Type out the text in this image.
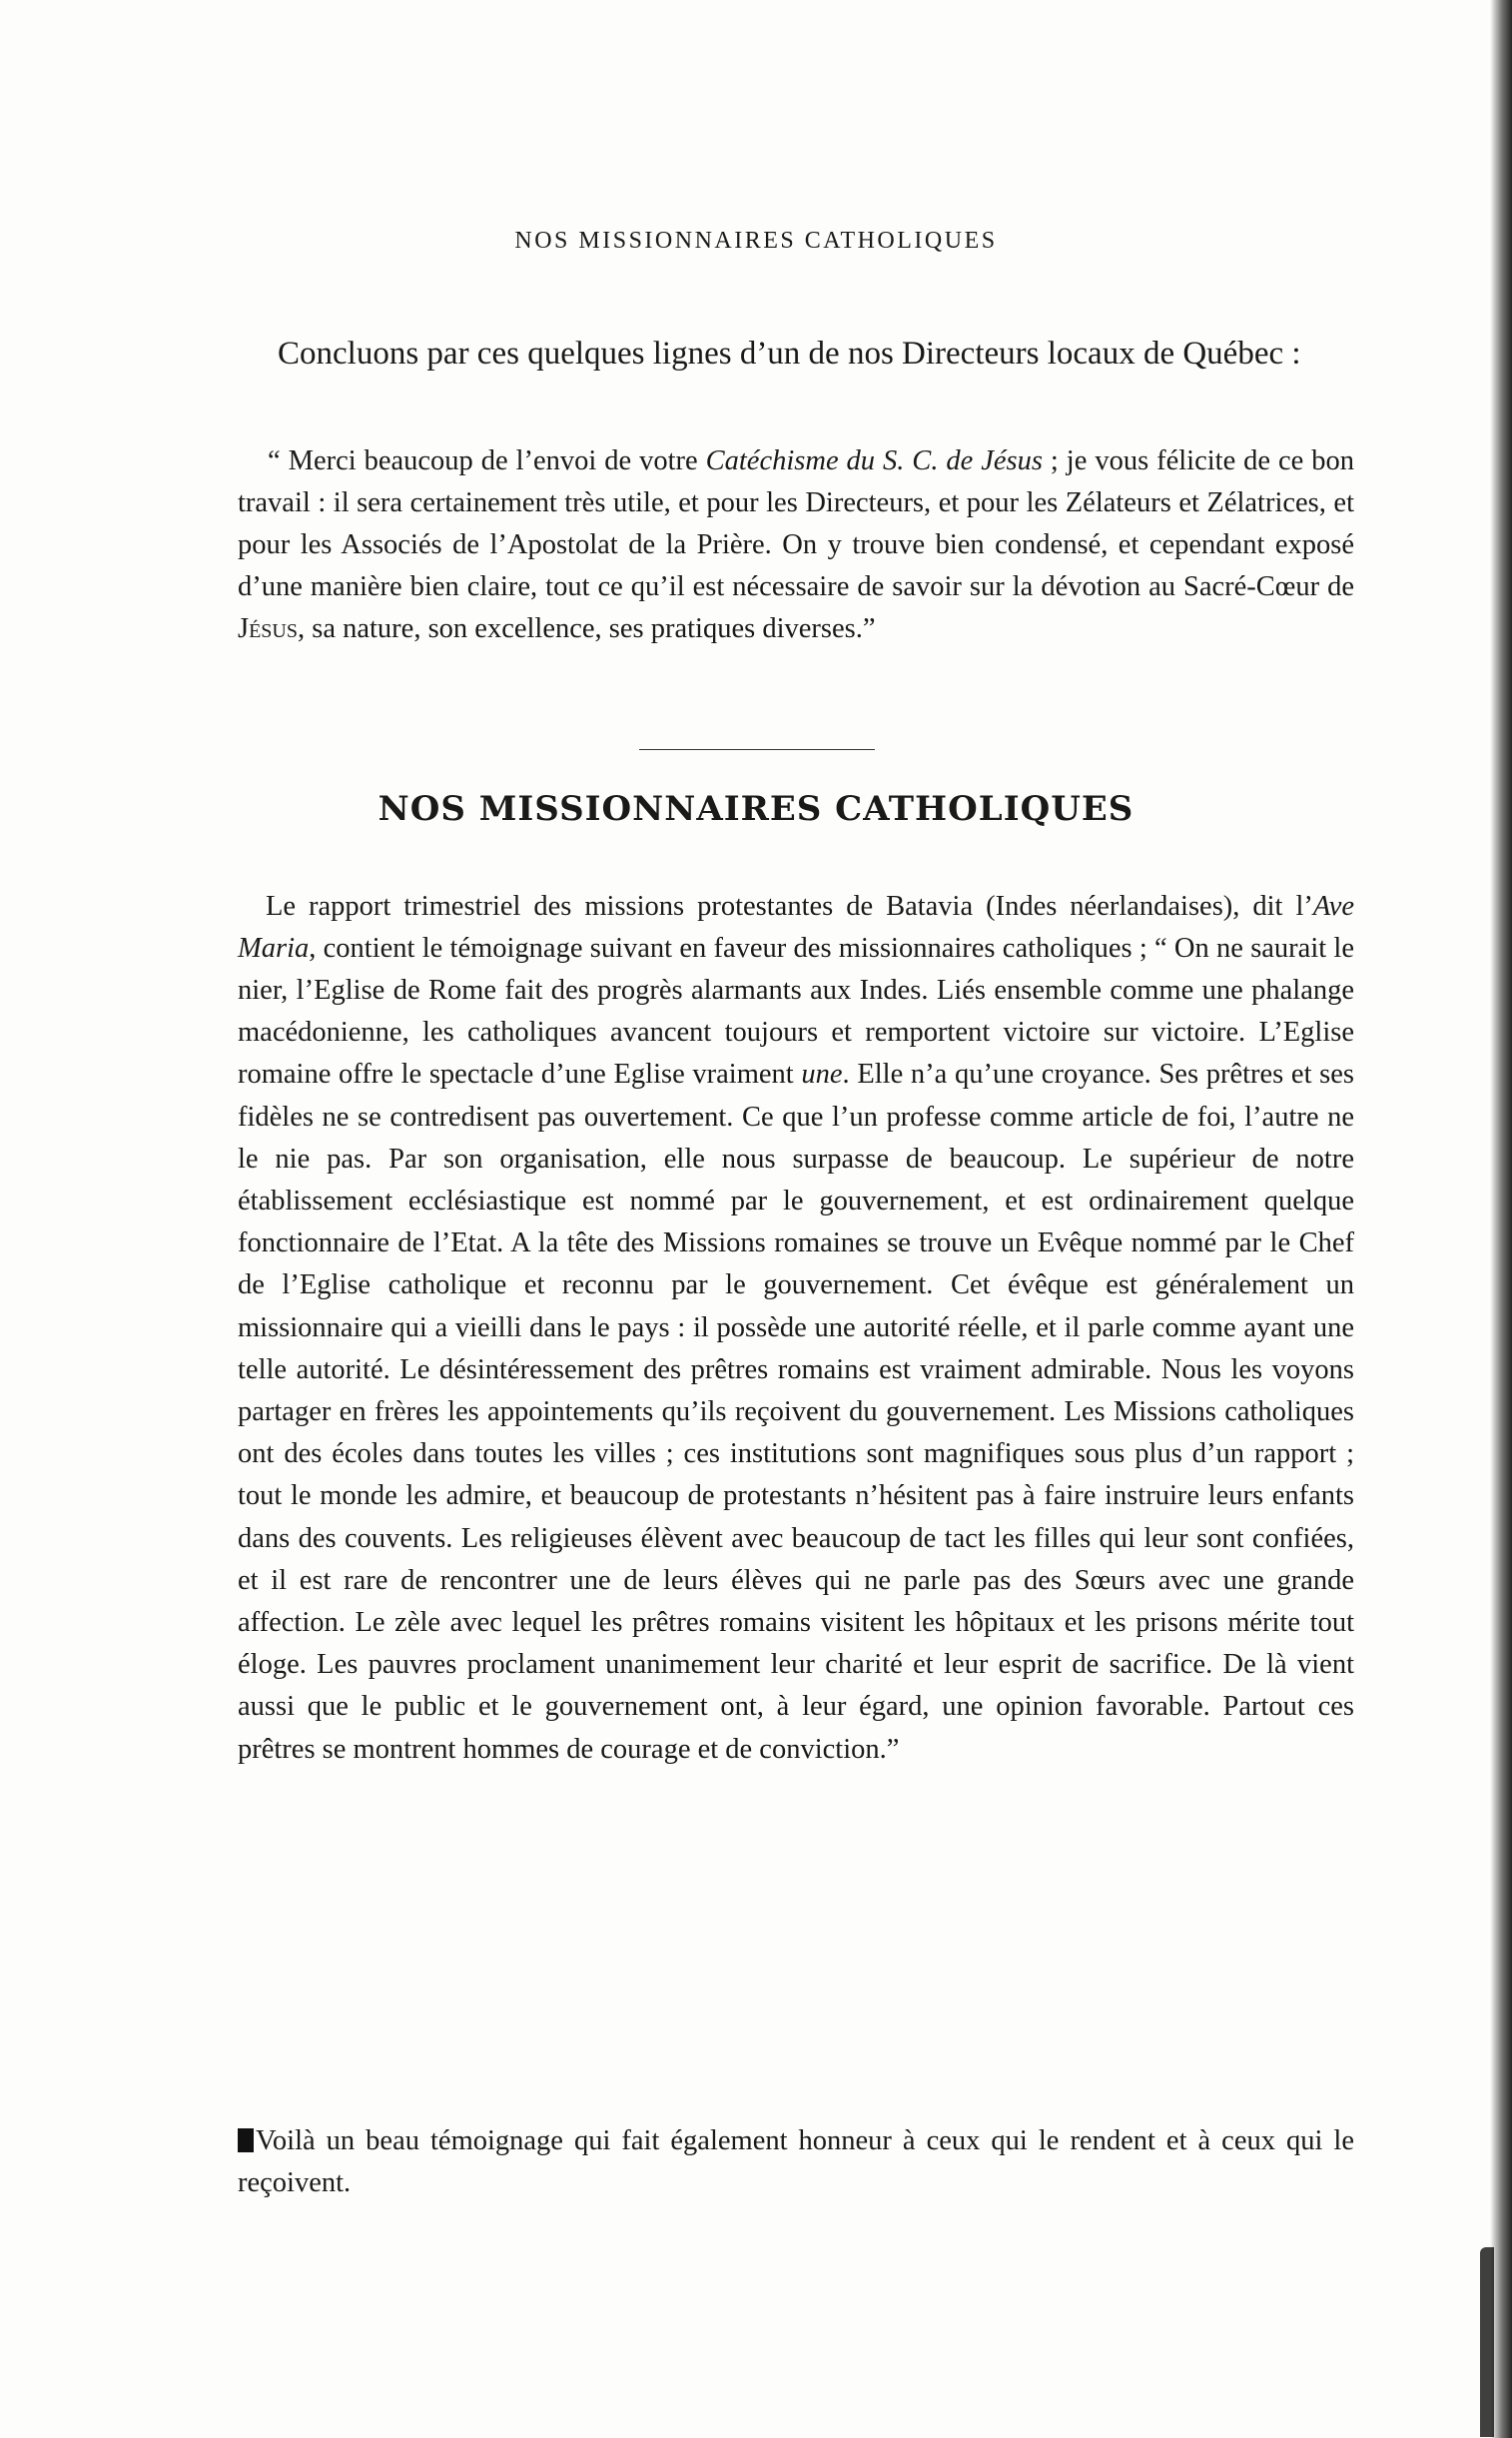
NOS MISSIONNAIRES CATHOLIQUES

Concluons par ces quelques lignes d’un de nos Directeurs locaux de Québec :

“ Merci beaucoup de l’envoi de votre Catéchisme du S. C. de Jésus ; je vous félicite de ce bon travail : il sera certainement très utile, et pour les Directeurs, et pour les Zélateurs et Zélatrices, et pour les Associés de l’Apostolat de la Prière. On y trouve bien condensé, et cependant exposé d’une manière bien claire, tout ce qu’il est nécessaire de savoir sur la dévotion au Sacré-Cœur de Jésus, sa nature, son excellence, ses pratiques diverses.”

NOS MISSIONNAIRES CATHOLIQUES

Le rapport trimestriel des missions protestantes de Batavia (Indes néerlandaises), dit l’Ave Maria, contient le témoignage suivant en faveur des missionnaires catholiques ; “ On ne saurait le nier, l’Eglise de Rome fait des progrès alarmants aux Indes. Liés ensemble comme une phalange macédonienne, les catholiques avancent toujours et remportent victoire sur victoire. L’Eglise romaine offre le spectacle d’une Eglise vraiment une. Elle n’a qu’une croyance. Ses prêtres et ses fidèles ne se contredisent pas ouvertement. Ce que l’un professe comme article de foi, l’autre ne le nie pas. Par son organisation, elle nous surpasse de beaucoup. Le supérieur de notre établissement ecclésiastique est nommé par le gouvernement, et est ordinairement quelque fonctionnaire de l’Etat. A la tête des Missions romaines se trouve un Evêque nommé par le Chef de l’Eglise catholique et reconnu par le gouvernement. Cet évêque est généralement un missionnaire qui a vieilli dans le pays : il possède une autorité réelle, et il parle comme ayant une telle autorité. Le désintéressement des prêtres romains est vraiment admirable. Nous les voyons partager en frères les appointements qu’ils reçoivent du gouvernement. Les Missions catholiques ont des écoles dans toutes les villes ; ces institutions sont magnifiques sous plus d’un rapport ; tout le monde les admire, et beaucoup de protestants n’hésitent pas à faire instruire leurs enfants dans des couvents. Les religieuses élèvent avec beaucoup de tact les filles qui leur sont confiées, et il est rare de rencontrer une de leurs élèves qui ne parle pas des Sœurs avec une grande affection. Le zèle avec lequel les prêtres romains visitent les hôpitaux et les prisons mérite tout éloge. Les pauvres proclament unanimement leur charité et leur esprit de sacrifice. De là vient aussi que le public et le gouvernement ont, à leur égard, une opinion favorable. Partout ces prêtres se montrent hommes de courage et de conviction.”

Voilà un beau témoignage qui fait également honneur à ceux qui le rendent et à ceux qui le reçoivent.
